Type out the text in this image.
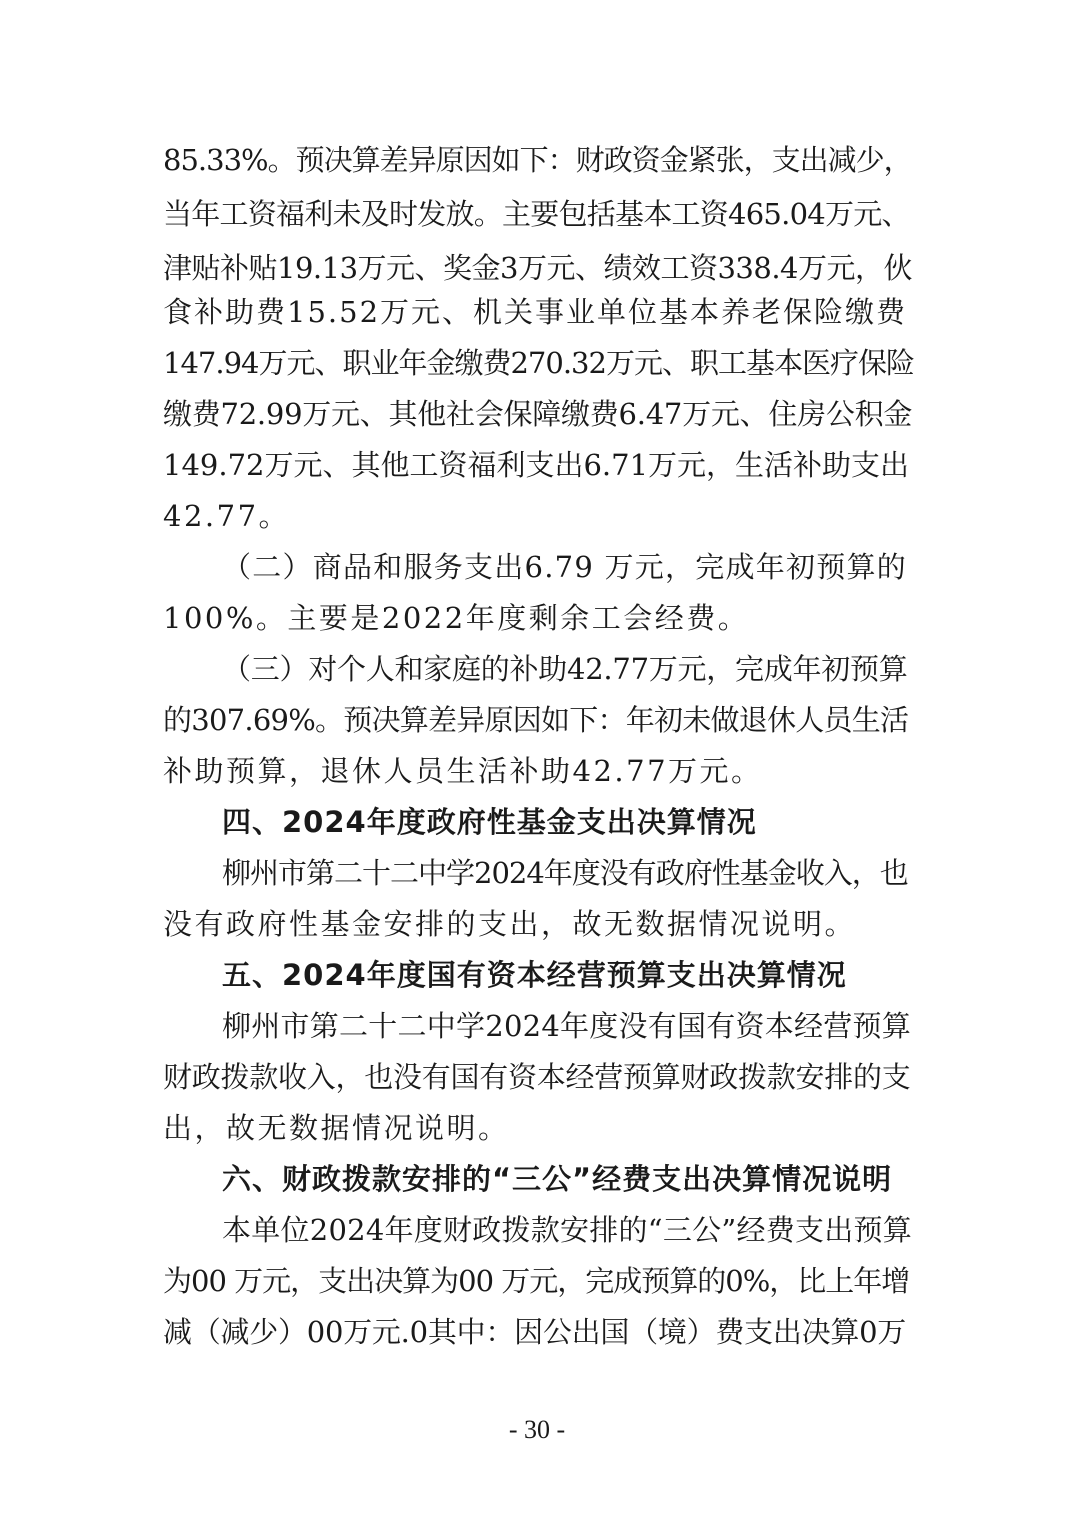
85.33%。预决算差异原因如下：财政资金紧张，支出减少，
当年工资福利未及时发放。主要包括基本工资465.04万元、
津贴补贴19.13万元、奖金3万元、绩效工资338.4万元，伙
食补助费15.52万元、机关事业单位基本养老保险缴费
147.94万元、职业年金缴费270.32万元、职工基本医疗保险
缴费72.99万元、其他社会保障缴费6.47万元、住房公积金
149.72万元、其他工资福利支出6.71万元，生活补助支出
42.77。
（二）商品和服务支出6.79 万元，完成年初预算的
100%。主要是2022年度剩余工会经费。
（三）对个人和家庭的补助42.77万元，完成年初预算
的307.69%。预决算差异原因如下：年初未做退休人员生活
补助预算，退休人员生活补助42.77万元。
四、2024年度政府性基金支出决算情况
柳州市第二十二中学2024年度没有政府性基金收入，也
没有政府性基金安排的支出，故无数据情况说明。
五、2024年度国有资本经营预算支出决算情况
柳州市第二十二中学2024年度没有国有资本经营预算
财政拨款收入，也没有国有资本经营预算财政拨款安排的支
出，故无数据情况说明。
六、财政拨款安排的“三公”经费支出决算情况说明
本单位2024年度财政拨款安排的“三公”经费支出预算
为00 万元，支出决算为00 万元，完成预算的0%，比上年增
减（减少）00万元.0其中：因公出国（境）费支出决算0万
- 30 -
